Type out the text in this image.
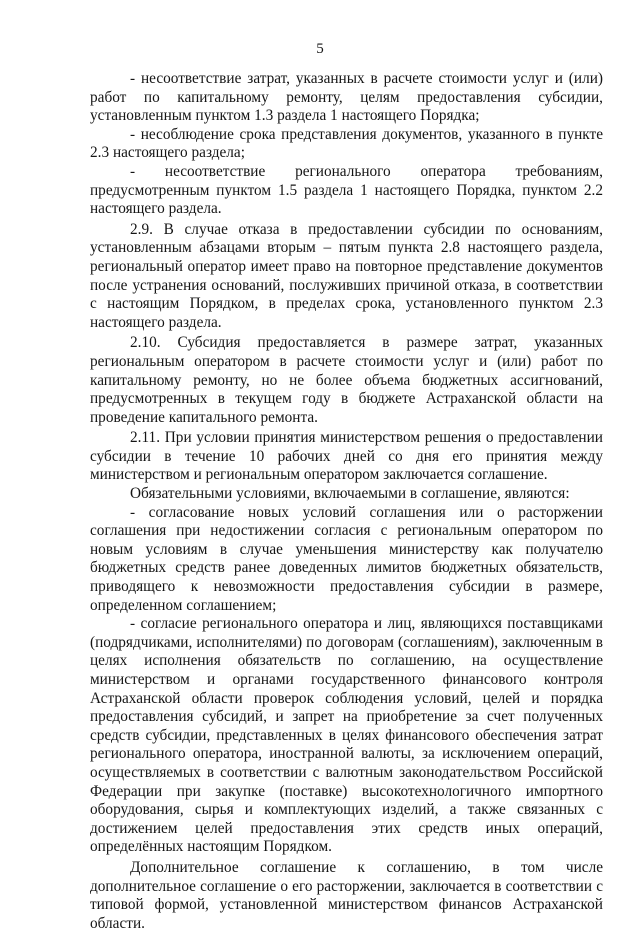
5

- несоответствие затрат, указанных в расчете стоимости услуг и (или) работ по капитальному ремонту, целям предоставления субсидии, установленным пунктом 1.3 раздела 1 настоящего Порядка;

- несоблюдение срока представления документов, указанного в пункте 2.3 настоящего раздела;

- несоответствие регионального оператора требованиям, предусмотренным пунктом 1.5 раздела 1 настоящего Порядка, пунктом 2.2 настоящего раздела.

2.9. В случае отказа в предоставлении субсидии по основаниям, установленным абзацами вторым – пятым пункта 2.8 настоящего раздела, региональный оператор имеет право на повторное представление документов после устранения оснований, послуживших причиной отказа, в соответствии с настоящим Порядком, в пределах срока, установленного пунктом 2.3 настоящего раздела.

2.10. Субсидия предоставляется в размере затрат, указанных региональным оператором в расчете стоимости услуг и (или) работ по капитальному ремонту, но не более объема бюджетных ассигнований, предусмотренных в текущем году в бюджете Астраханской области на проведение капитального ремонта.

2.11. При условии принятия министерством решения о предоставлении субсидии в течение 10 рабочих дней со дня его принятия между министерством и региональным оператором заключается соглашение.

Обязательными условиями, включаемыми в соглашение, являются:

- согласование новых условий соглашения или о расторжении соглашения при недостижении согласия с региональным оператором по новым условиям в случае уменьшения министерству как получателю бюджетных средств ранее доведенных лимитов бюджетных обязательств, приводящего к невозможности предоставления субсидии в размере, определенном соглашением;

- согласие регионального оператора и лиц, являющихся поставщиками (подрядчиками, исполнителями) по договорам (соглашениям), заключенным в целях исполнения обязательств по соглашению, на осуществление министерством и органами государственного финансового контроля Астраханской области проверок соблюдения условий, целей и порядка предоставления субсидий, и запрет на приобретение за счет полученных средств субсидии, представленных в целях финансового обеспечения затрат регионального оператора, иностранной валюты, за исключением операций, осуществляемых в соответствии с валютным законодательством Российской Федерации при закупке (поставке) высокотехнологичного импортного оборудования, сырья и комплектующих изделий, а также связанных с достижением целей предоставления этих средств иных операций, определённых настоящим Порядком.

Дополнительное соглашение к соглашению, в том числе дополнительное соглашение о его расторжении, заключается в соответствии с типовой формой, установленной министерством финансов Астраханской области.
